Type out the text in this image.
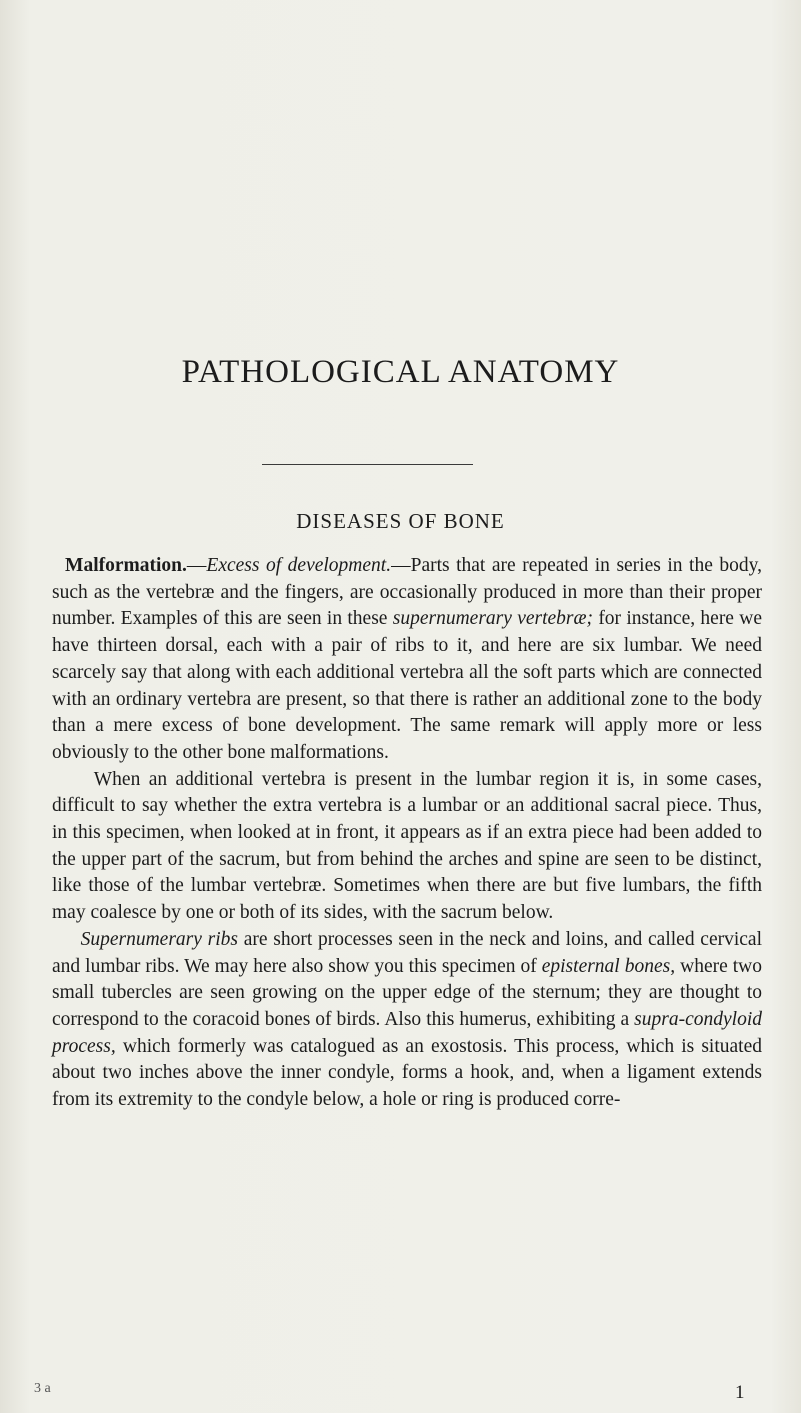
PATHOLOGICAL ANATOMY
DISEASES OF BONE

Malformation.—Excess of development.—Parts that are repeated in series in the body, such as the vertebræ and the fingers, are occasionally produced in more than their proper number. Examples of this are seen in these supernumerary vertebræ; for instance, here we have thirteen dorsal, each with a pair of ribs to it, and here are six lumbar. We need scarcely say that along with each additional vertebra all the soft parts which are connected with an ordinary vertebra are present, so that there is rather an additional zone to the body than a mere excess of bone development. The same remark will apply more or less obviously to the other bone malformations.

When an additional vertebra is present in the lumbar region it is, in some cases, difficult to say whether the extra vertebra is a lumbar or an additional sacral piece. Thus, in this specimen, when looked at in front, it appears as if an extra piece had been added to the upper part of the sacrum, but from behind the arches and spine are seen to be distinct, like those of the lumbar vertebræ. Sometimes when there are but five lumbars, the fifth may coalesce by one or both of its sides, with the sacrum below.

Supernumerary ribs are short processes seen in the neck and loins, and called cervical and lumbar ribs. We may here also show you this specimen of episternal bones, where two small tubercles are seen growing on the upper edge of the sternum; they are thought to correspond to the coracoid bones of birds. Also this humerus, exhibiting a supra-condyloid process, which formerly was catalogued as an exostosis. This process, which is situated about two inches above the inner condyle, forms a hook, and, when a ligament extends from its extremity to the condyle below, a hole or ring is produced corre-

3 a	1
